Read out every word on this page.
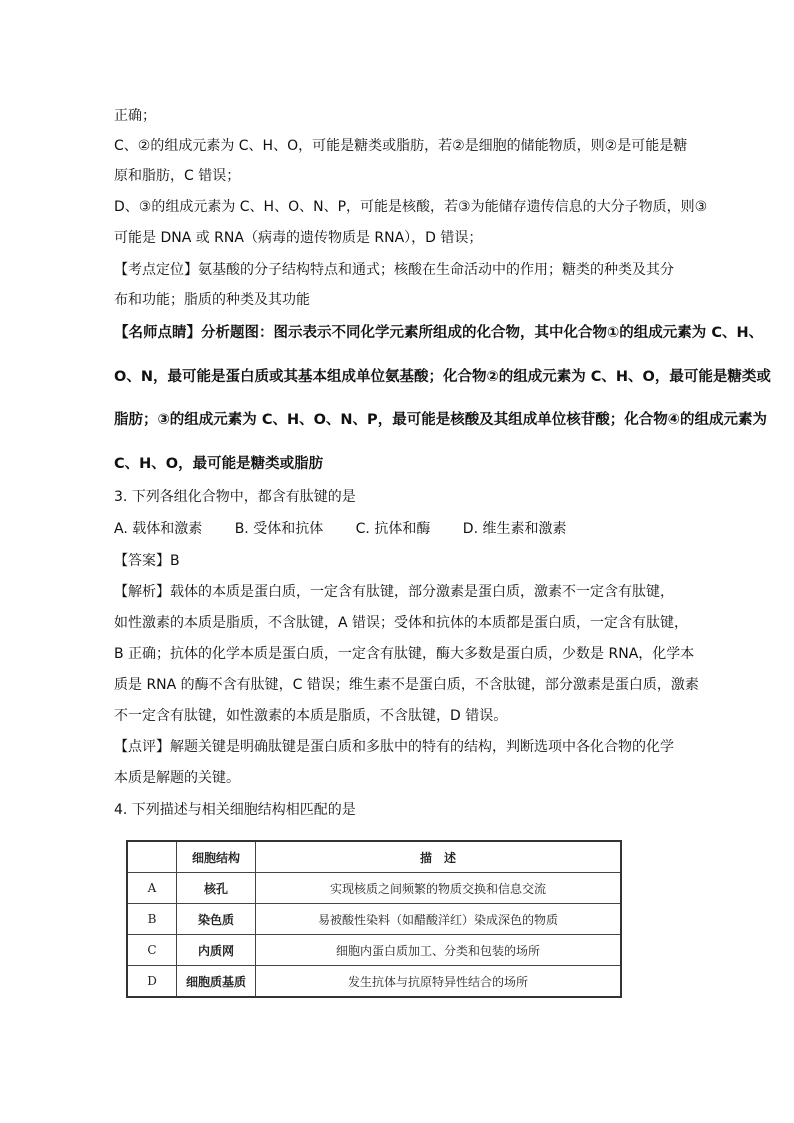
正确；
C、②的组成元素为 C、H、O，可能是糖类或脂肪，若②是细胞的储能物质，则②是可能是糖
原和脂肪，C 错误；
D、③的组成元素为 C、H、O、N、P，可能是核酸，若③为能储存遗传信息的大分子物质，则③
可能是 DNA 或 RNA（病毒的遗传物质是 RNA），D 错误；
【考点定位】氨基酸的分子结构特点和通式；核酸在生命活动中的作用；糖类的种类及其分
布和功能；脂质的种类及其功能
【名师点睛】分析题图：图示表示不同化学元素所组成的化合物，其中化合物①的组成元素为 C、H、
O、N，最可能是蛋白质或其基本组成单位氨基酸；化合物②的组成元素为 C、H、O，最可能是糖类或
脂肪；③的组成元素为 C、H、O、N、P，最可能是核酸及其组成单位核苷酸；化合物④的组成元素为
C、H、O，最可能是糖类或脂肪
3. 下列各组化合物中，都含有肽键的是
A. 载体和激素 B. 受体和抗体 C. 抗体和酶 D. 维生素和激素
【答案】B
【解析】载体的本质是蛋白质，一定含有肽键，部分激素是蛋白质，激素不一定含有肽键，
如性激素的本质是脂质，不含肽键，A 错误；受体和抗体的本质都是蛋白质，一定含有肽键，
B 正确；抗体的化学本质是蛋白质，一定含有肽键，酶大多数是蛋白质，少数是 RNA，化学本
质是 RNA 的酶不含有肽键，C 错误；维生素不是蛋白质，不含肽键，部分激素是蛋白质，激素
不一定含有肽键，如性激素的本质是脂质，不含肽键，D 错误。
【点评】解题关键是明确肽键是蛋白质和多肽中的特有的结构，判断选项中各化合物的化学
本质是解题的关键。
4. 下列描述与相关细胞结构相匹配的是
	细胞结构	描　述
A	核孔	实现核质之间频繁的物质交换和信息交流
B	染色质	易被酸性染料（如醋酸洋红）染成深色的物质
C	内质网	细胞内蛋白质加工、分类和包装的场所
D	细胞质基质	发生抗体与抗原特异性结合的场所
